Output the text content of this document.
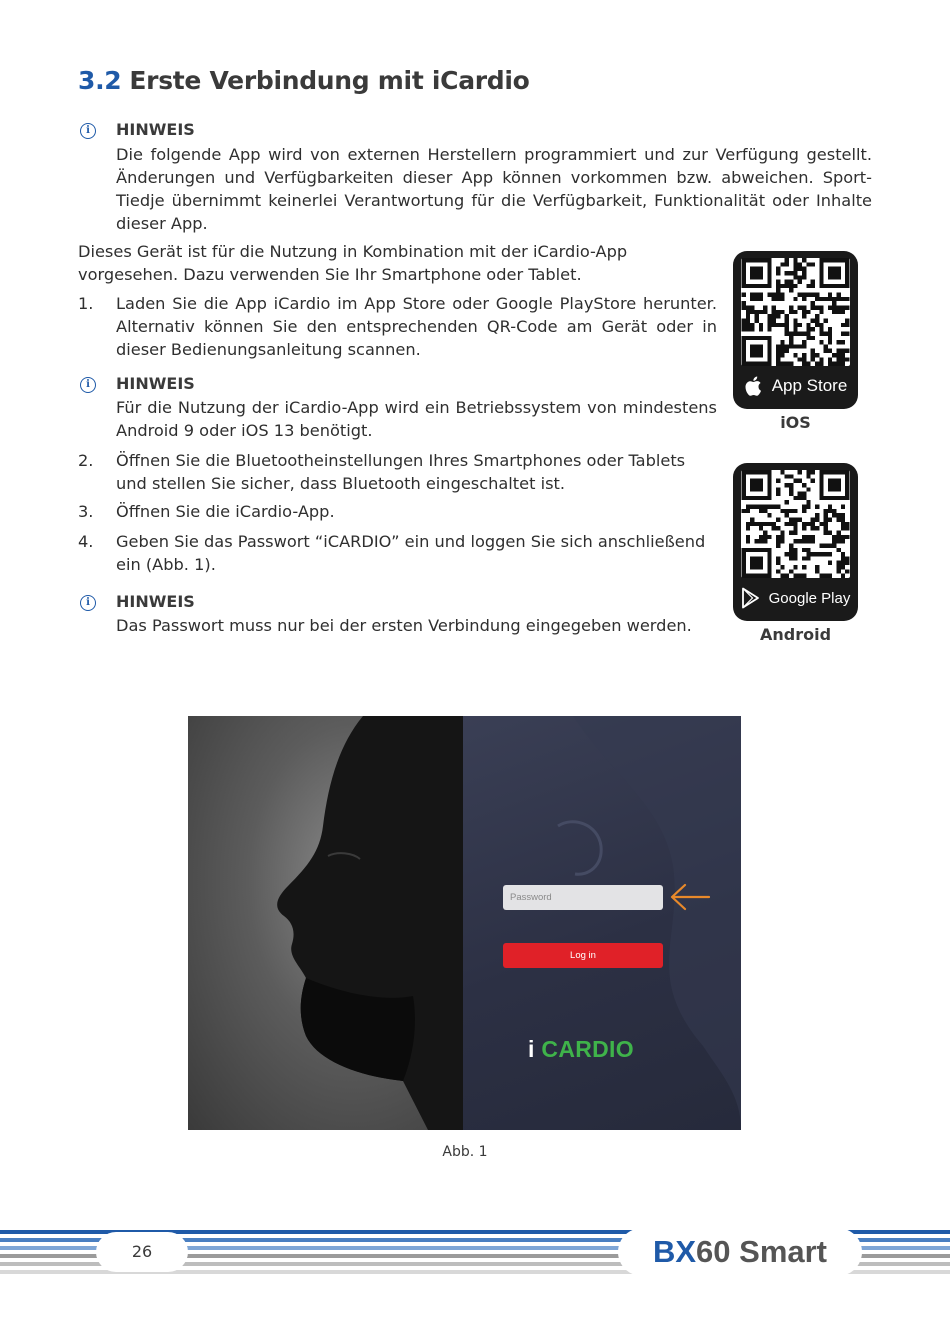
3.2 Erste Verbindung mit iCardio
i	HINWEIS
Die folgende App wird von externen Herstellern programmiert und zur Verfügung gestellt. Änderungen und Verfügbarkeiten dieser App können vorkommen bzw. abweichen. Sport-Tiedje übernimmt keinerlei Verantwortung für die Verfügbarkeit, Funktionalität oder Inhalte dieser App.
Dieses Gerät ist für die Nutzung in Kombination mit der iCardio-App vorgesehen. Dazu verwenden Sie Ihr Smartphone oder Tablet.
1. Laden Sie die App iCardio im App Store oder Google PlayStore herunter. Alternativ können Sie den entsprechenden QR-Code am Gerät oder in dieser Bedienungsanleitung scannen.
i	HINWEIS
Für die Nutzung der iCardio-App wird ein Betriebssystem von mindestens Android 9 oder iOS 13 benötigt.
2. Öffnen Sie die Bluetootheinstellungen Ihres Smartphones oder Tablets und stellen Sie sicher, dass Bluetooth eingeschaltet ist.
3. Öffnen Sie die iCardio-App.
4. Geben Sie das Passwort “iCARDIO” ein und loggen Sie sich anschließend ein (Abb. 1).
i	HINWEIS
Das Passwort muss nur bei der ersten Verbindung eingegeben werden.
App Store
iOS
Google Play
Android
Password
Log in
i CARDIO
Abb. 1
26	BX60 Smart
